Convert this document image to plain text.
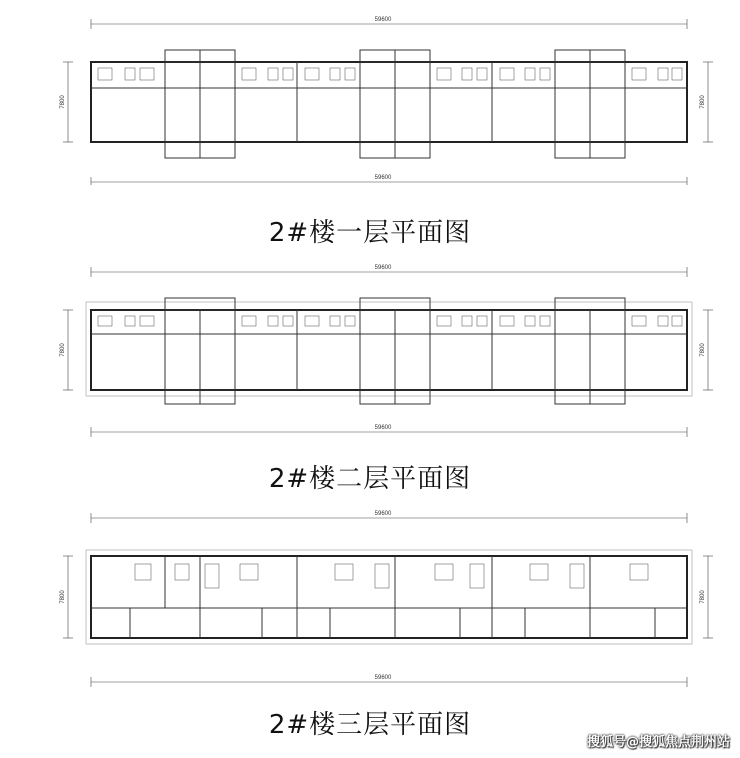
59600
7800	7800
59600
2#楼一层平面图
59600
7800	7800
59600
2#楼二层平面图
59600
7800	7800
59600
2#楼三层平面图
搜狐号@搜狐焦点荆州站
